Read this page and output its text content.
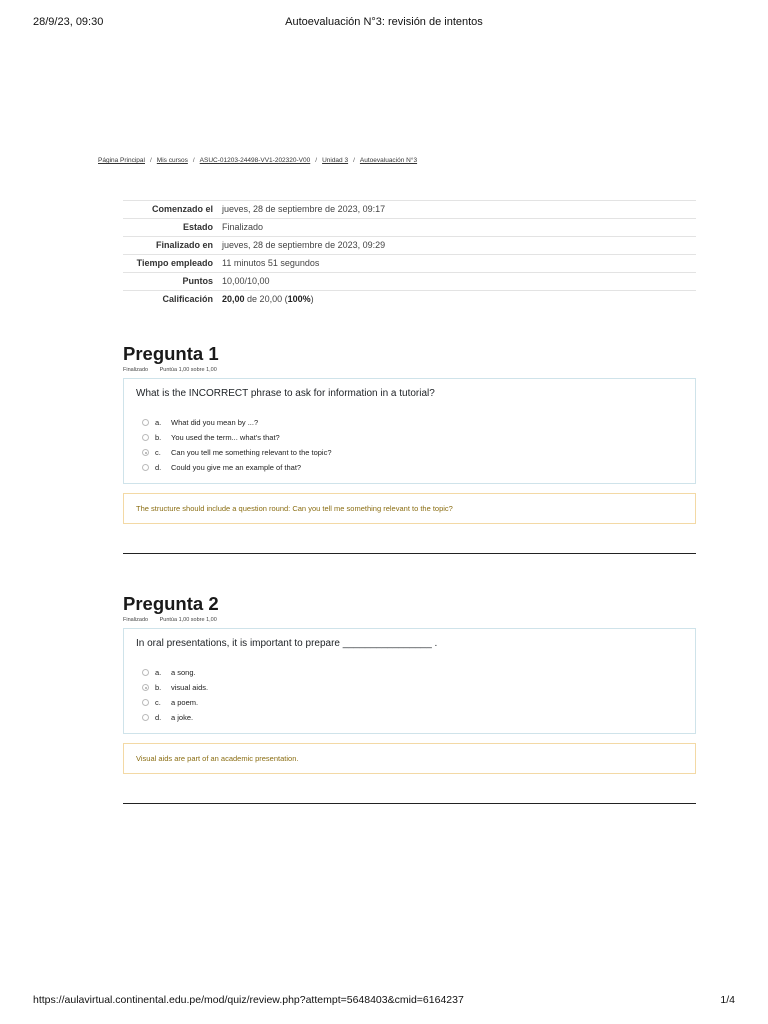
28/9/23, 09:30	Autoevaluación N°3: revisión de intentos
Página Principal / Mis cursos / ASUC-01203-24498-VV1-202320-V00 / Unidad 3 / Autoevaluación N°3
Comenzado el	jueves, 28 de septiembre de 2023, 09:17
Estado	Finalizado
Finalizado en	jueves, 28 de septiembre de 2023, 09:29
Tiempo empleado	11 minutos 51 segundos
Puntos	10,00/10,00
Calificación	20,00 de 20,00 (100%)
Pregunta 1
Finalizado Puntúa 1,00 sobre 1,00
What is the INCORRECT phrase to ask for information in a tutorial?
a.	What did you mean by ...?
b.	You used the term... what's that?
c.	Can you tell me something relevant to the topic?
d.	Could you give me an example of that?
The structure should include a question round: Can you tell me something relevant to the topic?
Pregunta 2
Finalizado Puntúa 1,00 sobre 1,00
In oral presentations, it is important to prepare ________________ .
a.	a song.
b.	visual aids.
c.	a poem.
d.	a joke.
Visual aids are part of an academic presentation.
https://aulavirtual.continental.edu.pe/mod/quiz/review.php?attempt=5648403&cmid=6164237	1/4
